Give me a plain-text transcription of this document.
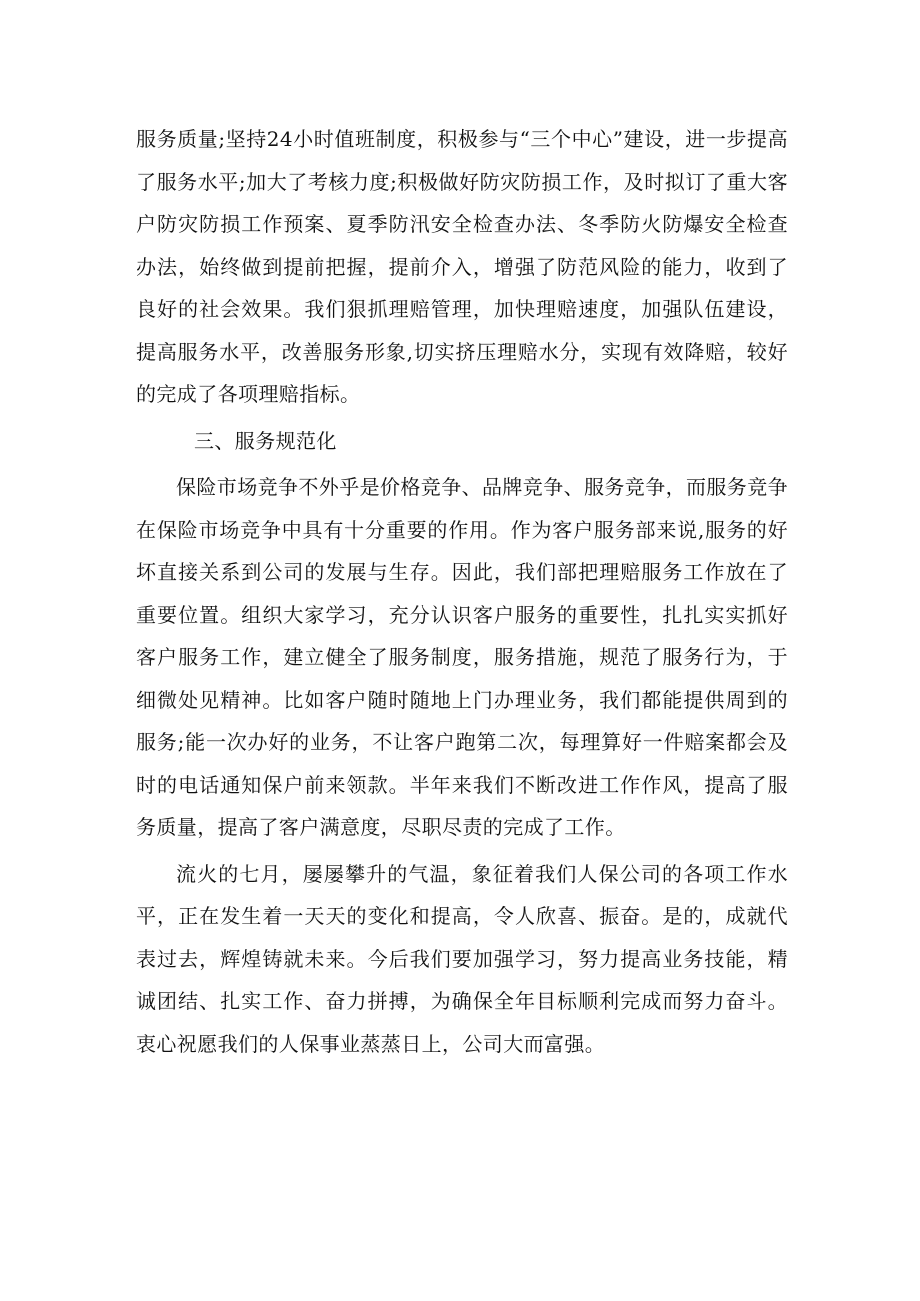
服务质量;坚持24小时值班制度，积极参与“三个中心”建设，进一步提高了服务水平;加大了考核力度;积极做好防灾防损工作，及时拟订了重大客户防灾防损工作预案、夏季防汛安全检查办法、冬季防火防爆安全检查办法，始终做到提前把握，提前介入，增强了防范风险的能力，收到了良好的社会效果。我们狠抓理赔管理，加快理赔速度，加强队伍建设，提高服务水平，改善服务形象,切实挤压理赔水分，实现有效降赔，较好的完成了各项理赔指标。

三、服务规范化

保险市场竞争不外乎是价格竞争、品牌竞争、服务竞争，而服务竞争在保险市场竞争中具有十分重要的作用。作为客户服务部来说,服务的好坏直接关系到公司的发展与生存。因此，我们部把理赔服务工作放在了重要位置。组织大家学习，充分认识客户服务的重要性，扎扎实实抓好客户服务工作，建立健全了服务制度，服务措施，规范了服务行为，于细微处见精神。比如客户随时随地上门办理业务，我们都能提供周到的服务;能一次办好的业务，不让客户跑第二次，每理算好一件赔案都会及时的电话通知保户前来领款。半年来我们不断改进工作作风，提高了服务质量，提高了客户满意度，尽职尽责的完成了工作。

流火的七月，屡屡攀升的气温，象征着我们人保公司的各项工作水平，正在发生着一天天的变化和提高，令人欣喜、振奋。是的，成就代表过去，辉煌铸就未来。今后我们要加强学习，努力提高业务技能，精诚团结、扎实工作、奋力拼搏，为确保全年目标顺利完成而努力奋斗。衷心祝愿我们的人保事业蒸蒸日上，公司大而富强。
